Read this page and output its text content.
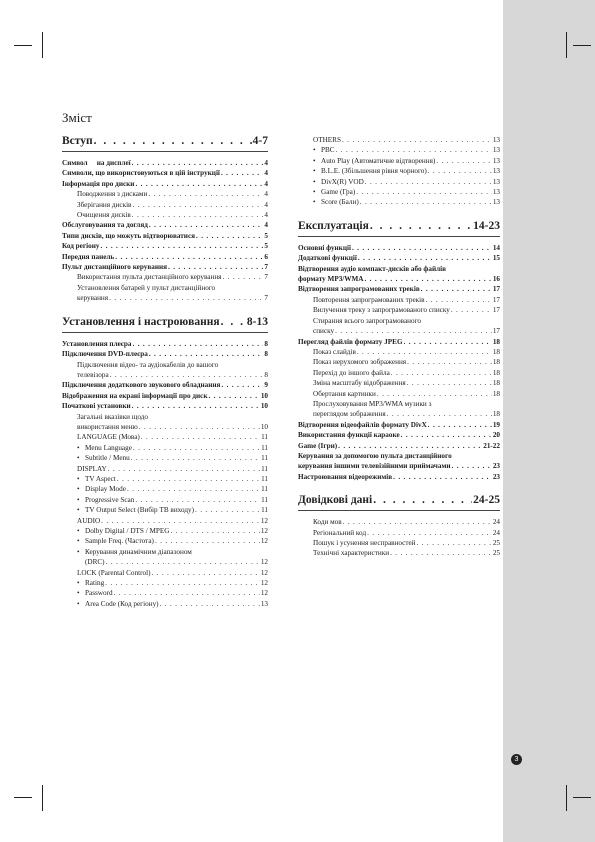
Зміст
Вступ . . .	4-7
Символ на дисплеї . . .	4
Символи, що використовуються в цій інструкції . . .	4
Інформація про диски . . .	4
Поводження з дисками . . .	4
Зберігання дисків . . .	4
Очищення дисків . . .	4
Обслуговування та догляд . . .	4
Типи дисків, що можуть відтворюватися . . .	5
Код регіону . . .	5
Передня панель . . .	6
Пульт дистанційного керування . . .	7
Використання пульта дистанційного керування . . .	7
Установлення батарей у пульт дистанційного
керування . . .	7
Установлення і настроювання . . . 8-13
Установлення плеєра . . .	8
Підключення DVD-плеєра . . .	8
Підключення відео- та аудіокабелів до вашого
телевізора . . .	8
Підключення додаткового звукового обладнання . . .	9
Відображення на екрані інформації про диск . . .	10
Початкові установки . . .	10
Загальні вказівки щодо
використання меню . . .	10
LANGUAGE (Мова) . . .	11
• Menu Language . . .	11
• Subtitle / Menu . . .	11
DISPLAY . . .	11
• TV Aspect . . .	11
• Display Mode . . .	11
• Progressive Scan . . .	11
• TV Output Select (Вибір ТВ виходу) . . .	11
AUDIO . . .	12
• Dolby Digital / DTS / MPEG . . .	12
• Sample Freq. (Частота) . . .	12
• Керування динамічним діапазоном
(DRC) . . .	12
LOCK (Parental Control) . . .	12
• Rating . . .	12
• Password . . .	12
• Area Code (Код регіону) . . .	13
OTHERS . . .	13
• PBC . . .	13
• Auto Play (Автоматичне відтворення) . . .	13
• B.L.E. (Збільшення рівня чорного) . . .	13
• DivX(R) VOD . . .	13
• Game (Гра) . . .	13
• Score (Бали) . . .	13
Експлуатація . . .	14-23
Основні функції . . .	14
Додаткові функції . . .	15
Відтворення аудіо компакт-дисків або файлів
формату MP3/WMA . . .	16
Відтворення запрограмованих треків . . .	17
Повторення запрограмованих треків . . .	17
Вилучення треку з запрограмованого списку . . .	17
Стирання всього запрограмованого
списку . . .	17
Перегляд файлів формату JPEG . . .	18
Показ слайдів . . .	18
Показ нерухомого зображення . . .	18
Перехід до іншого файла . . .	18
Зміна масштабу відображення . . .	18
Обертання картинки . . .	18
Прослуховування MP3/WMA музики з
переглядом зображення . . .	18
Відтворення відеофайлів формату DivX . . .	19
Використання функції караоке . . .	20
Game (Ігри) . . .	21-22
Керування за допомогою пульта дистанційного
керування іншими телевізійними приймачами . . .	23
Настроювання відеорежимів . . .	23
Довідкові дані . . .	24-25
Коди мов . . .	24
Регіональний код . . .	24
Пошук і усунення несправностей . . .	25
Технічні характеристики . . .	25
3
